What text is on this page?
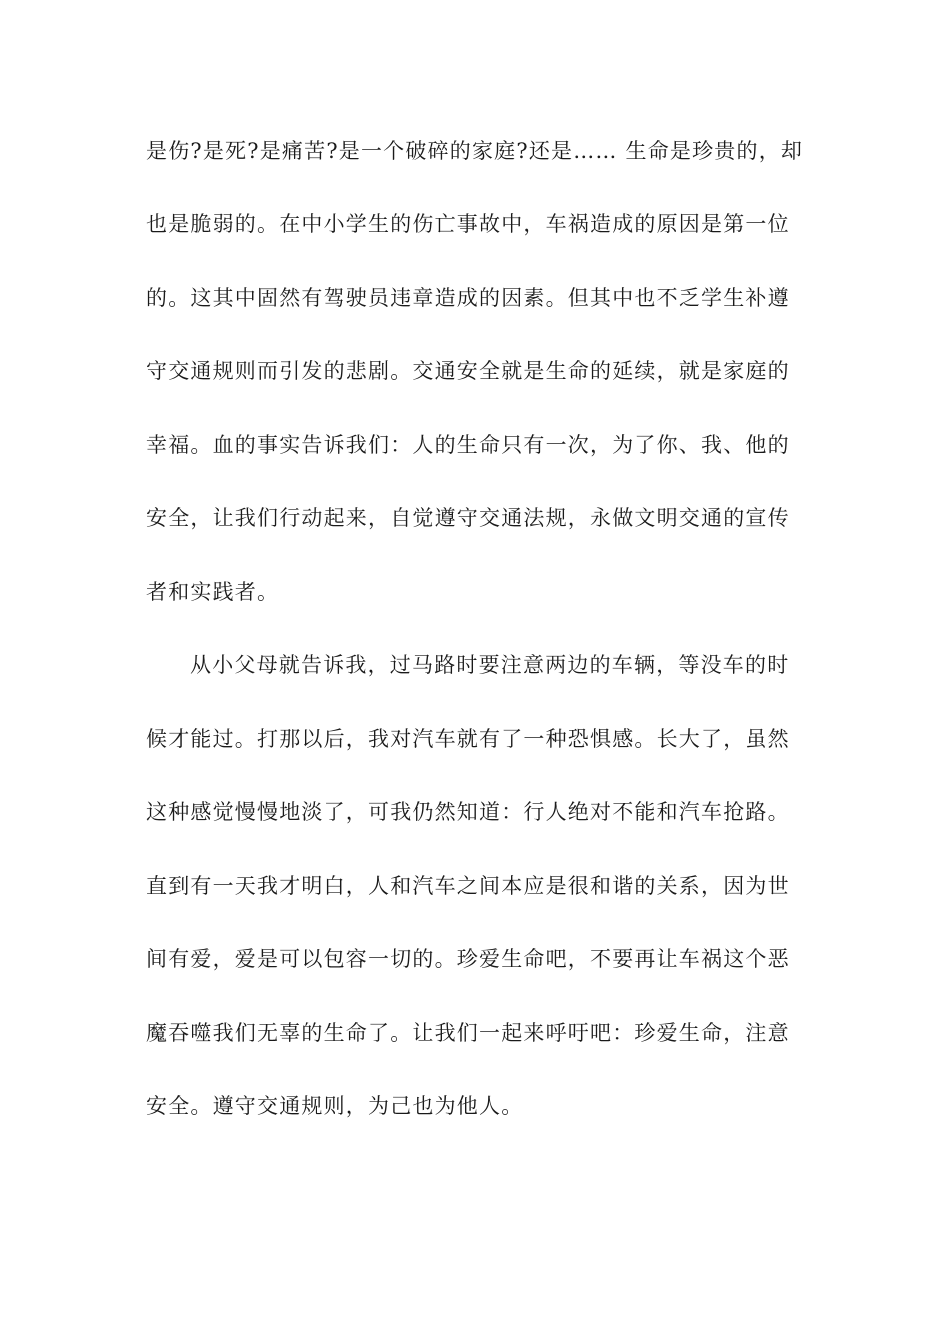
是伤?是死?是痛苦?是一个破碎的家庭?还是…… 生命是珍贵的，却
也是脆弱的。在中小学生的伤亡事故中，车祸造成的原因是第一位
的。这其中固然有驾驶员违章造成的因素。但其中也不乏学生补遵
守交通规则而引发的悲剧。交通安全就是生命的延续，就是家庭的
幸福。血的事实告诉我们：人的生命只有一次，为了你、我、他的
安全，让我们行动起来，自觉遵守交通法规，永做文明交通的宣传
者和实践者。
从小父母就告诉我，过马路时要注意两边的车辆，等没车的时
候才能过。打那以后，我对汽车就有了一种恐惧感。长大了，虽然
这种感觉慢慢地淡了，可我仍然知道：行人绝对不能和汽车抢路。
直到有一天我才明白，人和汽车之间本应是很和谐的关系，因为世
间有爱，爱是可以包容一切的。珍爱生命吧，不要再让车祸这个恶
魔吞噬我们无辜的生命了。让我们一起来呼吁吧：珍爱生命，注意
安全。遵守交通规则，为己也为他人。
